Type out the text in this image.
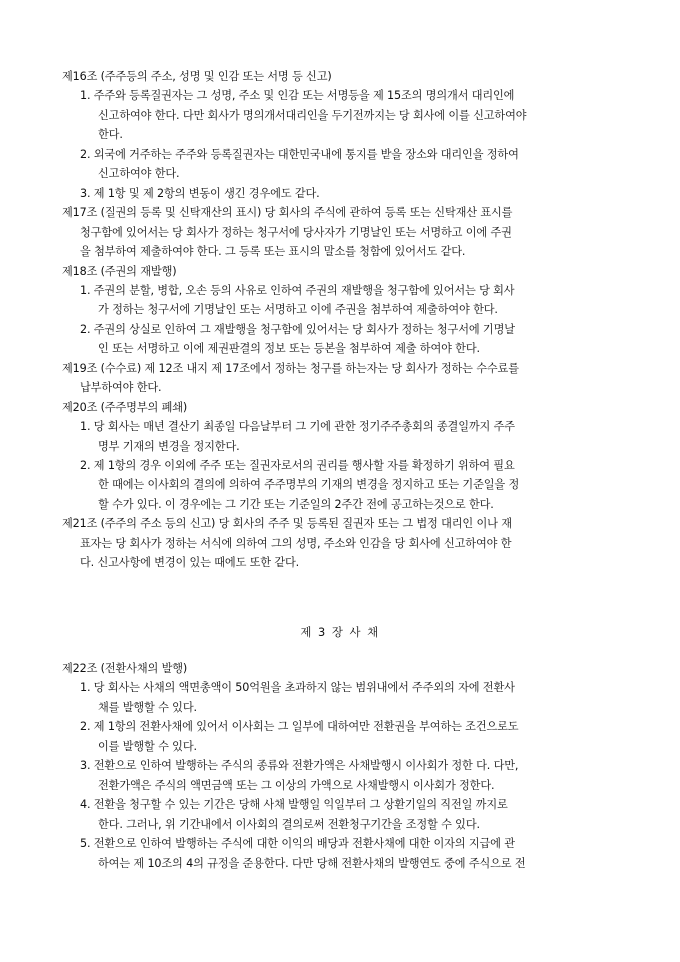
제16조 (주주등의 주소, 성명 및 인감 또는 서명 등 신고)
1. 주주와 등록질권자는 그 성명, 주소 및 인감 또는 서명등을 제 15조의 명의개서 대리인에
신고하여야 한다. 다만 회사가 명의개서대리인을 두기전까지는 당 회사에 이를 신고하여야
한다.
2. 외국에 거주하는 주주와 등록질권자는 대한민국내에 통지를 받을 장소와 대리인을 정하여
신고하여야 한다.
3. 제 1항 및 제 2항의 변동이 생긴 경우에도 같다.
제17조 (질권의 등록 및 신탁재산의 표시) 당 회사의 주식에 관하여 등록 또는 신탁재산 표시를
청구함에 있어서는 당 회사가 정하는 청구서에 당사자가 기명날인 또는 서명하고 이에 주권
을 첨부하여 제출하여야 한다. 그 등록 또는 표시의 말소를 청함에 있어서도 같다.
제18조 (주권의 재발행)
1. 주권의 분할, 병합, 오손 등의 사유로 인하여 주권의 재발행을 청구함에 있어서는 당 회사
가 정하는 청구서에 기명날인 또는 서명하고 이에 주권을 첨부하여 제출하여야 한다.
2. 주권의 상실로 인하여 그 재발행을 청구함에 있어서는 당 회사가 정하는 청구서에 기명날
인 또는 서명하고 이에 제권판결의 정보 또는 등본을 첨부하여 제출 하여야 한다.
제19조 (수수료) 제 12조 내지 제 17조에서 정하는 청구를 하는자는 당 회사가 정하는 수수료를
납부하여야 한다.
제20조 (주주명부의 폐쇄)
1. 당 회사는 매년 결산기 최종일 다음날부터 그 기에 관한 정기주주총회의 종결일까지 주주
명부 기재의 변경을 정지한다.
2. 제 1항의 경우 이외에 주주 또는 질권자로서의 권리를 행사할 자를 확정하기 위하여 필요
한 때에는 이사회의 결의에 의하여 주주명부의 기재의 변경을 정지하고 또는 기준일을 정
할 수가 있다. 이 경우에는 그 기간 또는 기준일의 2주간 전에 공고하는것으로 한다.
제21조 (주주의 주소 등의 신고) 당 회사의 주주 및 등록된 질권자 또는 그 법정 대리인 이나 재
표자는 당 회사가 정하는 서식에 의하여 그의 성명, 주소와 인감을 당 회사에 신고하여야 한
다. 신고사항에 변경이 있는 때에도 또한 같다.
제 3 장 사 채
제22조 (전환사채의 발행)
1. 당 회사는 사채의 액면총액이 50억원을 초과하지 않는 범위내에서 주주외의 자에 전환사
채를 발행할 수 있다.
2. 제 1항의 전환사채에 있어서 이사회는 그 일부에 대하여만 전환권을 부여하는 조건으로도
이를 발행할 수 있다.
3. 전환으로 인하여 발행하는 주식의 종류와 전환가액은 사채발행시 이사회가 정한 다. 다만,
전환가액은 주식의 액면금액 또는 그 이상의 가액으로 사채발행시 이사회가 정한다.
4. 전환을 청구할 수 있는 기간은 당해 사채 발행일 익일부터 그 상환기일의 직전일 까지로
한다. 그러나, 위 기간내에서 이사회의 결의로써 전환청구기간을 조정할 수 있다.
5. 전환으로 인하여 발행하는 주식에 대한 이익의 배당과 전환사채에 대한 이자의 지급에 관
하여는 제 10조의 4의 규정을 준용한다. 다만 당해 전환사채의 발행연도 중에 주식으로 전
